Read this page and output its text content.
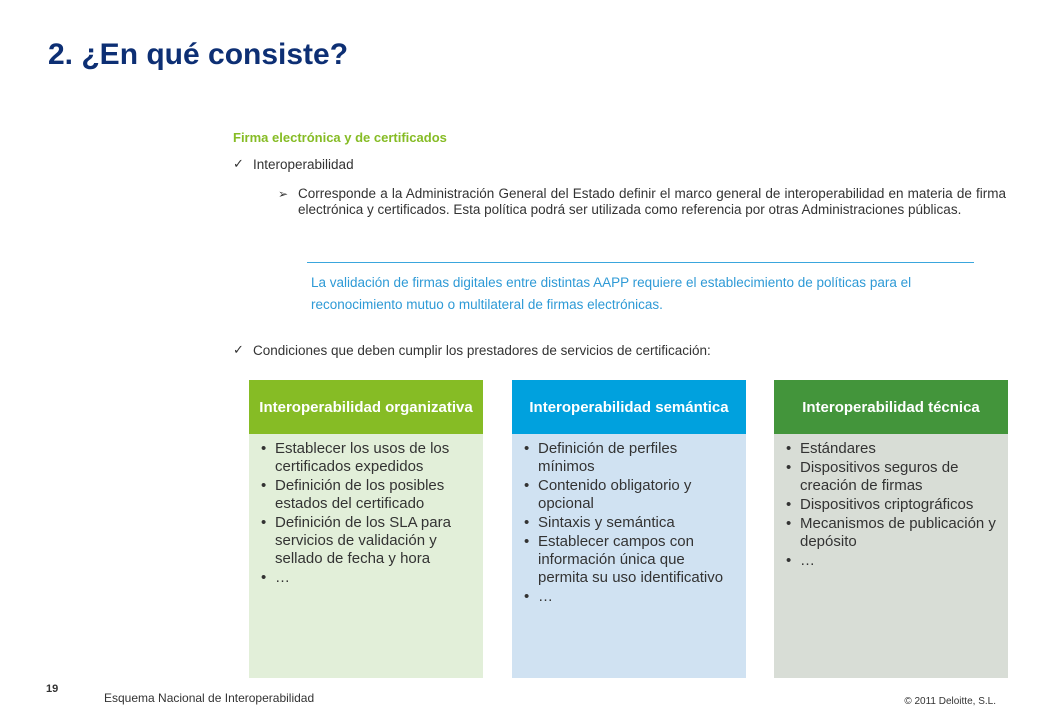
2. ¿En qué consiste?
Firma electrónica y de certificados
✓ Interoperabilidad
➢ Corresponde a la Administración General del Estado definir el marco general de interoperabilidad en materia de firma electrónica y certificados. Esta política podrá ser utilizada como referencia por otras Administraciones públicas.
La validación de firmas digitales entre distintas AAPP requiere el establecimiento de políticas para el reconocimiento mutuo o multilateral de firmas electrónicas.
✓ Condiciones que deben cumplir los prestadores de servicios de certificación:
Interoperabilidad organizativa
• Establecer los usos de los certificados expedidos
• Definición de los posibles estados del certificado
• Definición de los SLA para servicios de validación y sellado de fecha y hora
• …
Interoperabilidad semántica
• Definición de perfiles mínimos
• Contenido obligatorio y opcional
• Sintaxis y semántica
• Establecer campos con información única que permita su uso identificativo
• …
Interoperabilidad técnica
• Estándares
• Dispositivos seguros de creación de firmas
• Dispositivos criptográficos
• Mecanismos de publicación y depósito
• …
19
Esquema Nacional de Interoperabilidad	© 2011 Deloitte, S.L.
